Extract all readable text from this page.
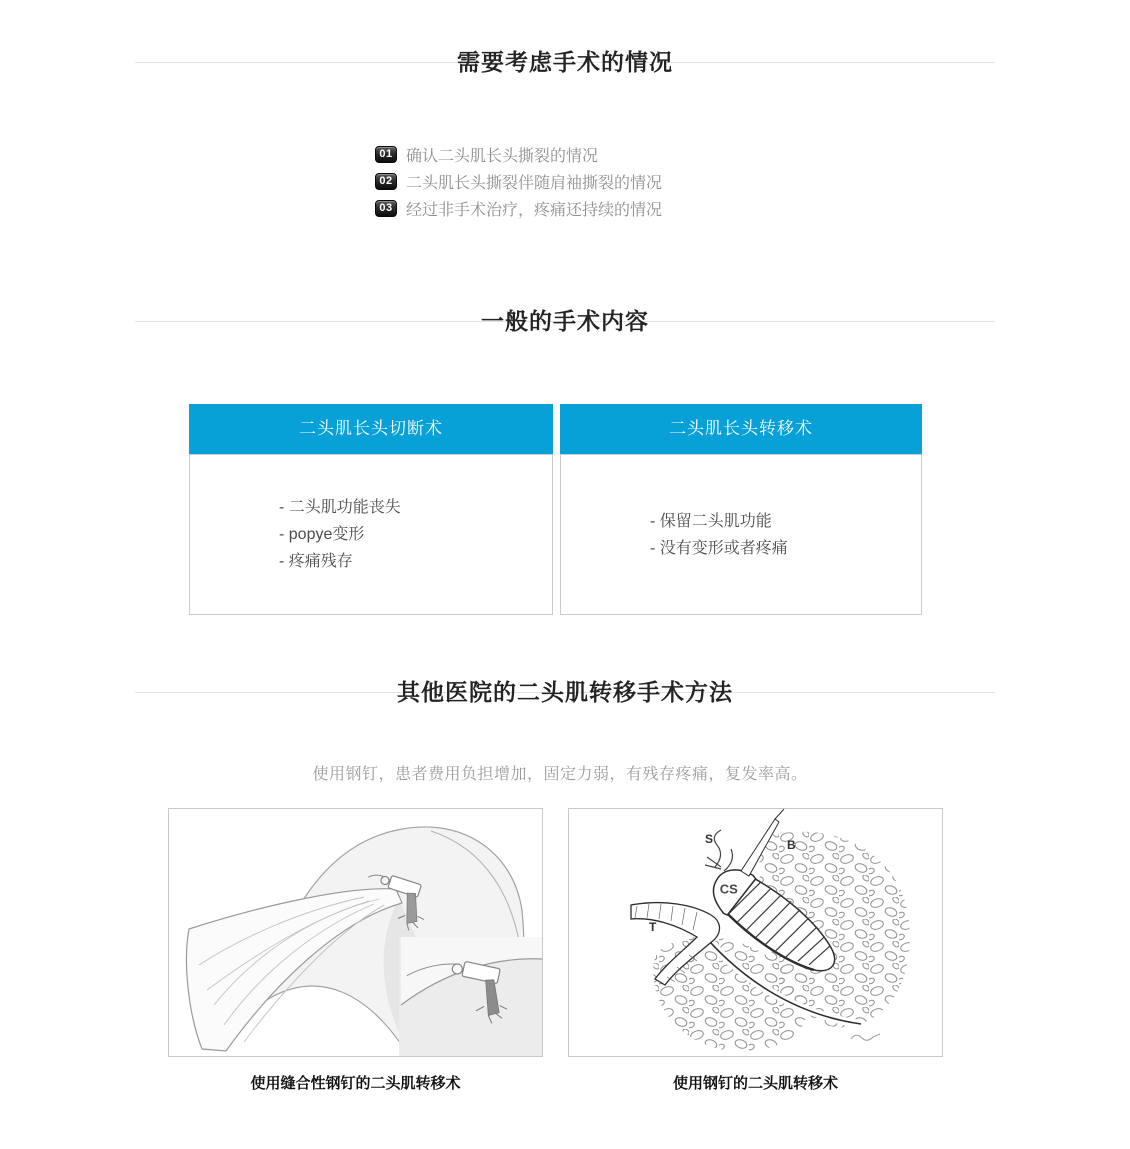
需要考虑手术的情况
01 确认二头肌长头撕裂的情况
02 二头肌长头撕裂伴随肩袖撕裂的情况
03 经过非手术治疗，疼痛还持续的情况
一般的手术内容
二头肌长头切断术
- 二头肌功能丧失
- popye变形
- 疼痛残存
二头肌长头转移术
- 保留二头肌功能
- 没有变形或者疼痛
其他医院的二头肌转移手术方法
使用钢钉，患者费用负担增加，固定力弱，有残存疼痛，复发率高。
CS
B
S
T
使用缝合性钢钉的二头肌转移术	使用钢钉的二头肌转移术
